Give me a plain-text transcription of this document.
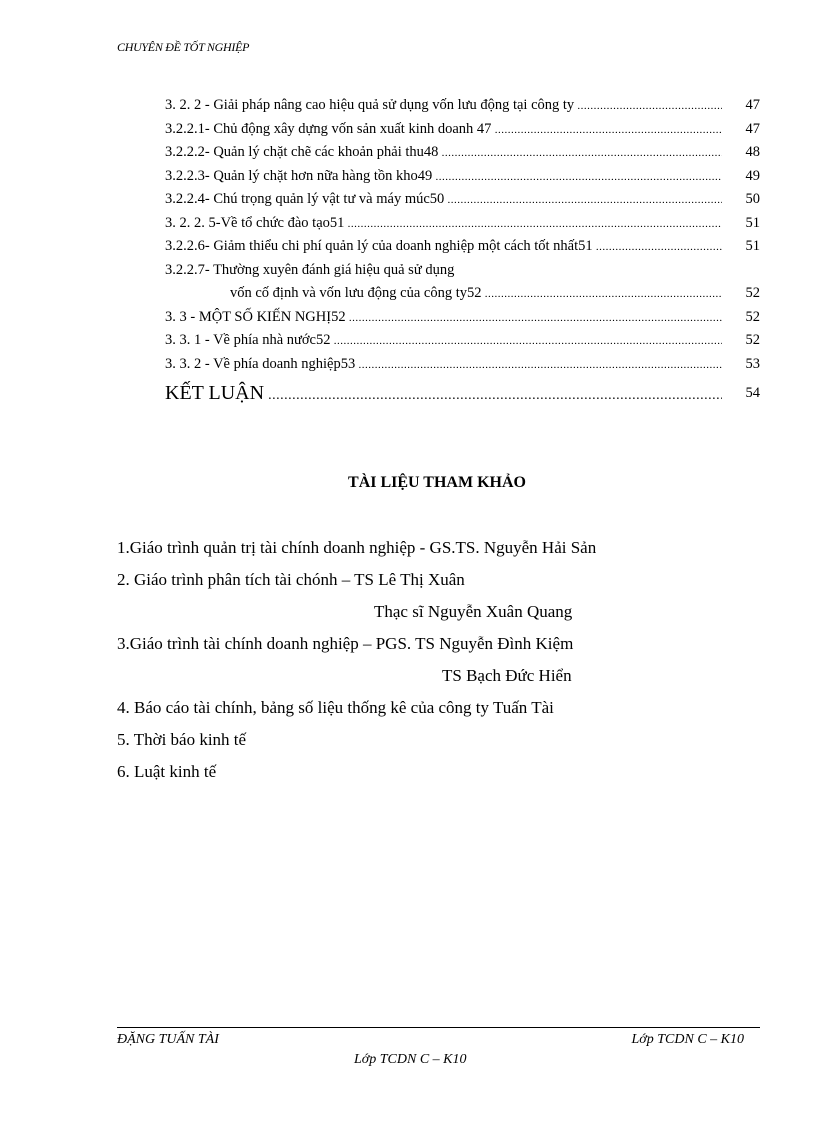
CHUYÊN ĐỀ TỐT NGHIỆP
3. 2. 2 - Giải pháp nâng cao hiệu quả sử dụng vốn lưu động tại công ty .....	47
3.2.2.1- Chủ động xây dựng vốn sản xuất kinh doanh 47 .....	47
3.2.2.2- Quản lý chặt chẽ các khoản phải thu48 .....	48
3.2.2.3- Quản lý chặt hơn nữa hàng tồn kho49 .....	49
3.2.2.4- Chú trọng quản lý vật tư và máy múc50 .....	50
3. 2. 2. 5-Về tổ chức đào tạo51 .....	51
3.2.2.6- Giảm thiểu chi phí quản lý của doanh nghiệp một cách tốt nhất51 .....	51
3.2.2.7- Thường xuyên đánh giá hiệu quả sử dụng
vốn cố định và vốn lưu động của công ty52 .....	52
3. 3 - MỘT SỐ KIẾN NGHỊ52 .....	52
3. 3. 1 - Về phía nhà nước52 .....	52
3. 3. 2 - Về phía doanh nghiệp53 .....	53
KẾT LUẬN .....	54
TÀI LIỆU THAM KHẢO
1.Giáo trình quản trị tài chính doanh nghiệp - GS.TS. Nguyễn Hải Sản
2. Giáo trình phân tích tài chónh – TS Lê Thị Xuân
Thạc sĩ Nguyễn Xuân Quang
3.Giáo trình tài chính doanh nghiệp – PGS. TS Nguyễn Đình Kiệm
TS Bạch Đức Hiển
4. Báo cáo tài chính, bảng số liệu thống kê của công ty Tuấn Tài
5. Thời báo kinh tế
6. Luật kinh tế
ĐẶNG TUẤN TÀI	Lớp TCDN C – K10
Lớp TCDN C – K10
